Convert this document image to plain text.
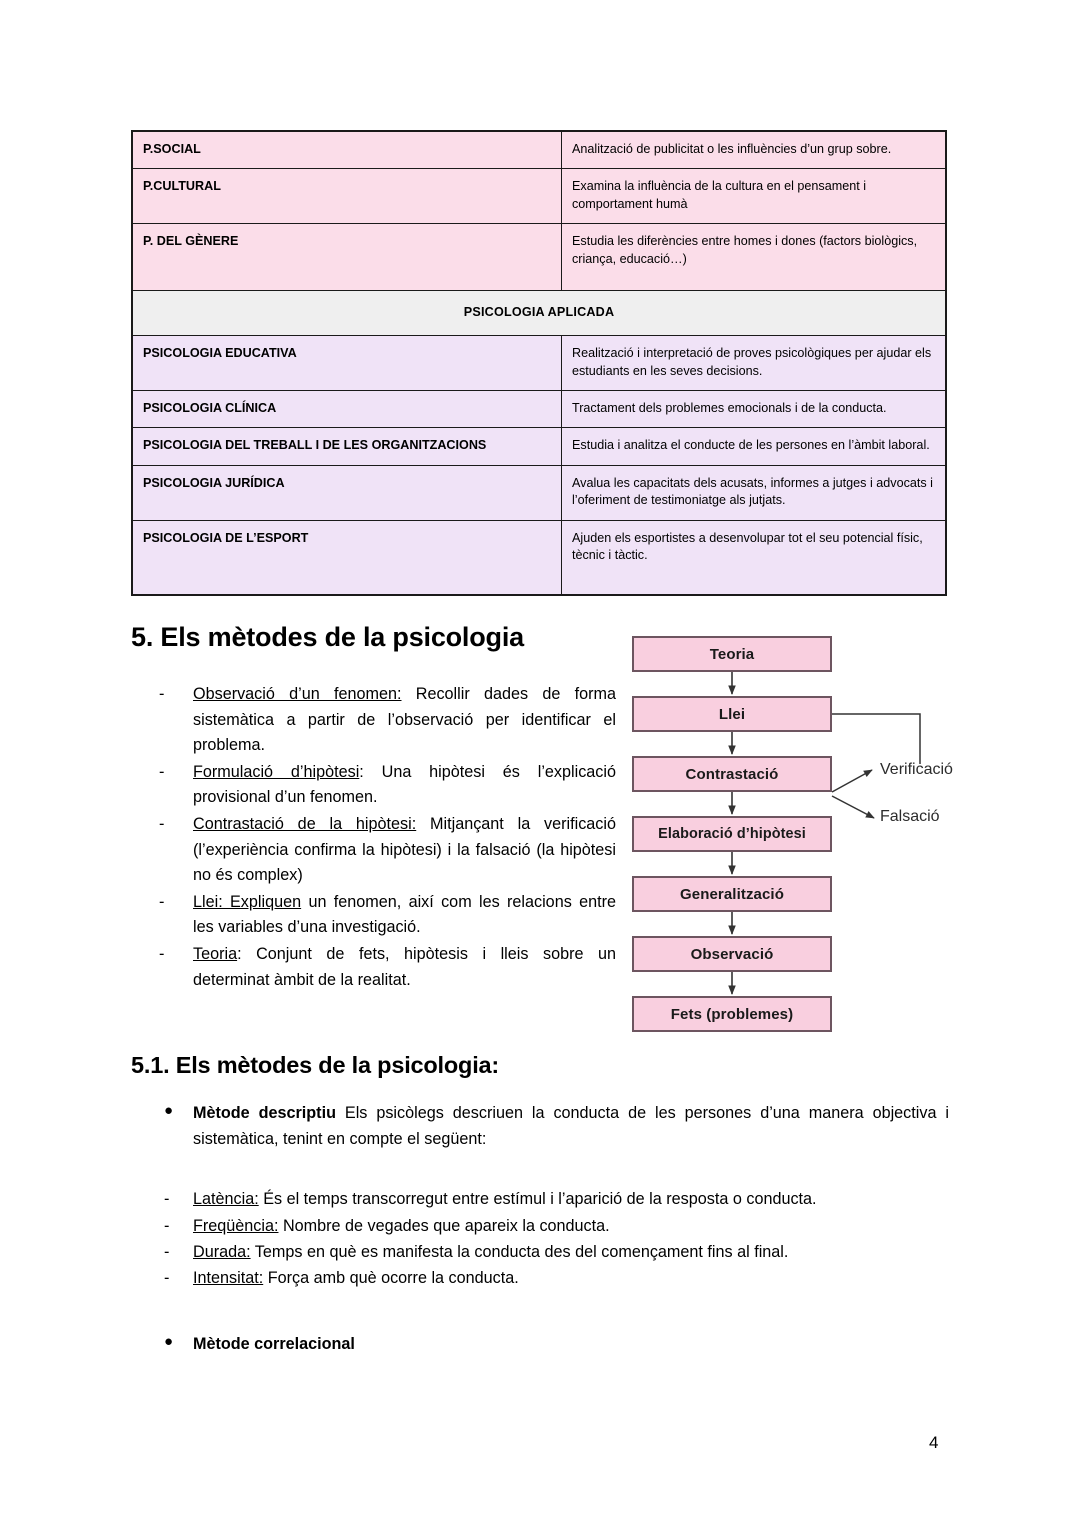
P.SOCIAL	Analització de publicitat o les influències d’un grup sobre.
P.CULTURAL	Examina la influència de la cultura en el pensament i comportament humà
P. DEL GÈNERE	Estudia les diferències entre homes i dones (factors biològics, criança, educació…)
PSICOLOGIA APLICADA	
PSICOLOGIA EDUCATIVA	Realització i interpretació de proves psicològiques per ajudar els estudiants en les seves decisions.
PSICOLOGIA CLÍNICA	Tractament dels problemes emocionals i de la conducta.
PSICOLOGIA DEL TREBALL I DE LES ORGANITZACIONS	Estudia i analitza el conducte de les persones en l’àmbit laboral.
PSICOLOGIA JURÍDICA	Avalua les capacitats dels acusats, informes a jutges i advocats i l’oferiment de testimoniatge als jutjats.
PSICOLOGIA DE L’ESPORT	Ajuden els esportistes a desenvolupar tot el seu potencial físic, tècnic i tàctic.
5. Els mètodes de la psicologia
- Observació d’un fenomen: Recollir dades de forma sistemàtica a partir de l’observació per identificar el problema.
- Formulació d’hipòtesi: Una hipòtesi és l’explicació provisional d’un fenomen.
- Contrastació de la hipòtesi: Mitjançant la verificació (l’experiència confirma la hipòtesi) i la falsació (la hipòtesi no és complex)
- Llei: Expliquen un fenomen, així com les relacions entre les variables d’una investigació.
- Teoria: Conjunt de fets, hipòtesis i lleis sobre un determinat àmbit de la realitat.
Teoria
Llei
Contrastació
Elaboració d’hipòtesi
Generalització
Observació
Fets (problemes)
Verificació
Falsació
5.1. Els mètodes de la psicologia:
● Mètode descriptiu Els psicòlegs descriuen la conducta de les persones d’una manera objectiva i sistemàtica, tenint en compte el següent:
- Latència: És el temps transcorregut entre estímul i l’aparició de la resposta o conducta.
- Freqüència: Nombre de vegades que apareix la conducta.
- Durada: Temps en què es manifesta la conducta des del començament fins al final.
- Intensitat: Força amb què ocorre la conducta.
● Mètode correlacional
4
